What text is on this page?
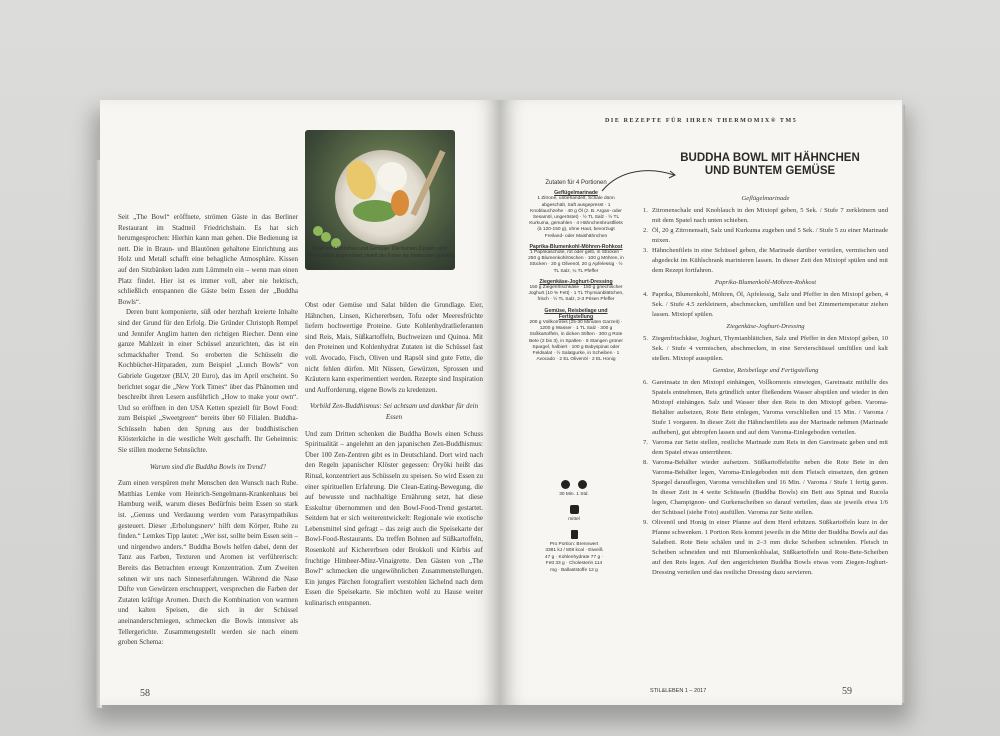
Seit „The Bowl“ eröffnete, strömen Gäste in das Berliner Restaurant im Stadtteil Friedrichshain. Es hat sich herumgesprochen: Hierhin kann man gehen. Die Bedienung ist nett. Die in Braun- und Blautönen gehaltene Einrichtung aus Holz und Metall schafft eine behagliche Atmosphäre. Kissen auf den Sitzbänken laden zum Lümmeln ein – wenn man einen Platz findet. Hier ist es immer voll, aber nie hektisch, schließlich entspannen die Gäste beim Essen der „Buddha Bowls“.

Deren bunt komponierte, süß oder herzhaft kreierte Inhalte sind der Grund für den Erfolg. Die Gründer Christoph Rempel und Jennifer Anglim hatten den richtigen Riecher. Denn eine ganze Mahlzeit in einer Schüssel anzurichten, das ist ein schmackhafter Trend. So eroberten die Schüsseln die Kochbücher-Hitparaden, zum Beispiel „Lunch Bowls“ von Gabriele Gugetzer (BLV, 20 Euro), das im April erscheint. So berichtet sogar die „New York Times“ über das Phänomen und beschreibt ihren Lesern ausführlich „How to make your own“. Und so eröffnen in den USA Ketten speziell für Bowl Food: zum Beispiel „Sweetgreen“ bereits über 60 Filialen. Buddha-Schüsseln haben den Sprung aus der buddhistischen Klösterküche in die westliche Welt geschafft. Ihr Geheimnis: Sie stillen moderne Sehnsüchte.

Warum sind die Buddha Bowls im Trend?

Zum einen verspüren mehr Menschen den Wunsch nach Ruhe. Matthias Lemke vom Heinrich-Sengelmann-Krankenhaus bei Hamburg weiß, warum dieses Bedürfnis beim Essen so stark ist. „Genuss und Verdauung werden vom Parasympathikus gesteuert. Dieser ‚Erholungsnerv‘ hilft dem Körper, Ruhe zu finden.“ Lemkes Tipp lautet: „Wer isst, sollte beim Essen sein – und nirgendwo anders.“ Buddha Bowls helfen dabei, denn der Tanz aus Farben, Texturen und Aromen ist verführerisch: Bereits das Betrachten erzeugt Konzentration. Zum Zweiten sehnen wir uns nach Sinneserfahrungen. Während die Nase Düfte von Gewürzen erschnuppert, versprechen die Farben der Zutaten kräftige Aromen. Durch die Kombination von warmen und kalten Speisen, die sich in der Schüssel aneinanderschmiegen, schmecken die Bowls intensiver als Tellergerichte. Zusammengestellt werden sie nach einem groben Schema:

Bowl mit Hähnchen und Gemüse: Die bunten Zutaten sind übersichtlich angeordnet, damit der Esser sie bewusster genießt.

Obst oder Gemüse und Salat bilden die Grundlage. Eier, Hähnchen, Linsen, Kichererbsen, Tofu oder Meeresfrüchte liefern hochwertige Proteine. Gute Kohlenhydratlieferanten sind Reis, Mais, Süßkartoffeln, Buchweizen und Quinoa. Mit den Proteinen und Kohlenhydrat Zutaten ist die Schüssel fast voll. Avocado, Fisch, Oliven und Rapsöl sind gute Fette, die nicht fehlen dürfen. Mit Nüssen, Gewürzen, Sprossen und Kräutern kann experimentiert werden. Rezepte sind Inspiration und Aufforderung, eigene Bowls zu kredenzen.

Vorbild Zen-Buddhismus: Sei achtsam und dankbar für dein Essen

Und zum Dritten schenken die Buddha Bowls einen Schuss Spiritualität – angelehnt an den japanischen Zen-Buddhismus: Über 100 Zen-Zentren gibt es in Deutschland. Dort wird nach den Regeln japanischer Klöster gegessen: Ōryōki heißt das Ritual, konzentriert aus Schüsseln zu speisen. So wird Essen zu einer spirituellen Erfahrung. Die Clean-Eating-Bewegung, die auf bewusste und nachhaltige Ernährung setzt, hat diese Esskultur übernommen und den Bowl-Food-Trend gestartet. Seitdem hat er sich weiterentwickelt: Regionale wie exotische Lebensmittel sind gefragt – das zeigt auch die Speisekarte der Bowl-Food-Restaurants. Da treffen Bohnen auf Süßkartoffeln, Rosenkohl auf Kichererbsen oder Brokkoli und Kürbis auf fruchtige Himbeer-Minz-Vinaigrette. Den Gästen von „The Bowl“ schmecken die ungewöhnlichen Zusammenstellungen. Ein junges Pärchen fotografiert verstohlen lächelnd nach dem Essen die Speisekarte. Sie möchten wohl zu Hause weiter kulinarisch entspannen.

58
DIE REZEPTE FÜR IHREN THERMOMIX® TM5
BUDDHA BOWL MIT HÄHNCHEN
UND BUNTEM GEMÜSE
Zutaten für 4 Portionen
Geflügelmarinade
1 Zitrone, unbehandelt, Schale dünn abgeschält, Saft ausgepresst · 1 Knoblauchzehe · 40 g Öl (z. B. Argan- oder Sesamöl, ungeröstet) · ½ TL Salz · ½ TL Kurkuma, gemahlen · 4 Hähnchenbrustfilets (à 120-150 g), ohne Haut, bevorzugt Freiland- oder Maishähnchen
Paprika-Blumenkohl-Möhren-Rohkost
1 Paprikaschote, rot oder gelb, in Stücken · 250 g Blumenkohlröschen · 100 g Möhren, in Stücken · 20 g Olivenöl, 20 g Apfelessig · ½ TL Salz, ¼ TL Pfeffer
Ziegenkäse-Joghurt-Dressing
150 g Ziegenfrischkäse · 150 g griechischer Joghurt (10 % Fett) · 1 TL Thymianblättchen, frisch · ½ TL Salz, 2-3 Prisen Pfeffer
Gemüse, Reisbeilage und Fertigstellung
200 g Vollkornreis (25-30 Minuten Garzeit) · 1200 g Wasser · 1 TL Salz · 300 g Süßkartoffeln, in dicken Stiften · 300 g Rote Bete (2 bis 3), in Spalten · 8 Stangen grüner Spargel, halbiert · 100 g Babyspinat oder Feldsalat · ½ Salatgurke, in Scheiben · 1 Avocado · 2 EL Olivenöl · 2 EL Honig
30 Min. 1 Std.
mittel
Pro Portion: Brennwert 3381 kJ / 808 kcal · Eiweiß 47 g · Kohlenhydrate 77 g · Fett 33 g · Cholesterin 114 mg · Ballaststoffe 12 g
Geflügelmarinade
1. Zitronenschale und Knoblauch in den Mixtopf geben, 5 Sek. / Stufe 7 zerkleinern und mit dem Spatel nach unten schieben.
2. Öl, 20 g Zitronensaft, Salz und Kurkuma zugeben und 5 Sek. / Stufe 5 zu einer Marinade mixen.
3. Hähnchenfilets in eine Schüssel geben, die Marinade darüber verteilen, vermischen und abgedeckt im Kühlschrank marinieren lassen. In dieser Zeit den Mixtopf spülen und mit dem Rezept fortfahren.
Paprika-Blumenkohl-Möhren-Rohkost
4. Paprika, Blumenkohl, Möhren, Öl, Apfelessig, Salz und Pfeffer in den Mixtopf geben, 4 Sek. / Stufe 4.5 zerkleinern, abschmecken, umfüllen und bei Zimmertemperatur ziehen lassen. Mixtopf spülen.
Ziegenkäse-Joghurt-Dressing
5. Ziegenfrischkäse, Joghurt, Thymianblättchen, Salz und Pfeffer in den Mixtopf geben, 10 Sek. / Stufe 4 vermischen, abschmecken, in eine Servierschüssel umfüllen und kalt stellen. Mixtopf ausspülen.
Gemüse, Reisbeilage und Fertigstellung
6. Gareinsatz in den Mixtopf einhängen, Vollkornreis einwiegen, Gareinsatz mithilfe des Spatels entnehmen, Reis gründlich unter fließendem Wasser abspülen und wieder in den Mixtopf einhängen. Salz und Wasser über den Reis in den Mixtopf geben. Varoma-Behälter aufsetzen, Rote Bete einlegen, Varoma verschließen und 15 Min. / Varoma / Stufe 1 vorgaren. In dieser Zeit die Hähnchenfilets aus der Marinade nehmen (Marinade aufheben), gut abtropfen lassen und auf dem Varoma-Einlegeboden verteilen.
7. Varoma zur Seite stellen, restliche Marinade zum Reis in den Gareinsatz geben und mit dem Spatel etwas unterrühren.
8. Varoma-Behälter wieder aufsetzen. Süßkartoffelstifte neben die Rote Bete in den Varoma-Behälter legen, Varoma-Einlegeboden mit dem Fleisch einsetzen, den grünen Spargel darauflegen, Varoma verschließen und 16 Min. / Varoma / Stufe 1 fertig garen. In dieser Zeit in 4 weite Schüsseln (Buddha Bowls) ein Bett aus Spinat und Rucola legen, Champignon- und Gurkenscheiben so darauf verteilen, dass sie jeweils etwa 1/6 der Schüssel (siehe Foto) ausfüllen. Varoma zur Seite stellen.
9. Olivenöl und Honig in einer Pfanne auf dem Herd erhitzen. Süßkartoffeln kurz in der Pfanne schwenken. 1 Portion Reis kommt jeweils in die Mitte der Buddha Bowls auf das Salatbett. Rote Bete schälen und in 2–3 mm dicke Scheiben schneiden. Fleisch in Scheiben schneiden und mit Blumenkohlsalat, Süßkartoffeln und Rote-Bete-Scheiben auf den Reis legen. Auf den angerichteten Buddha Bowls etwas vom Ziegen-Joghurt-Dressing verteilen und das restliche Dressing dazu servieren.
STIL&LEBEN 1 – 2017	59
